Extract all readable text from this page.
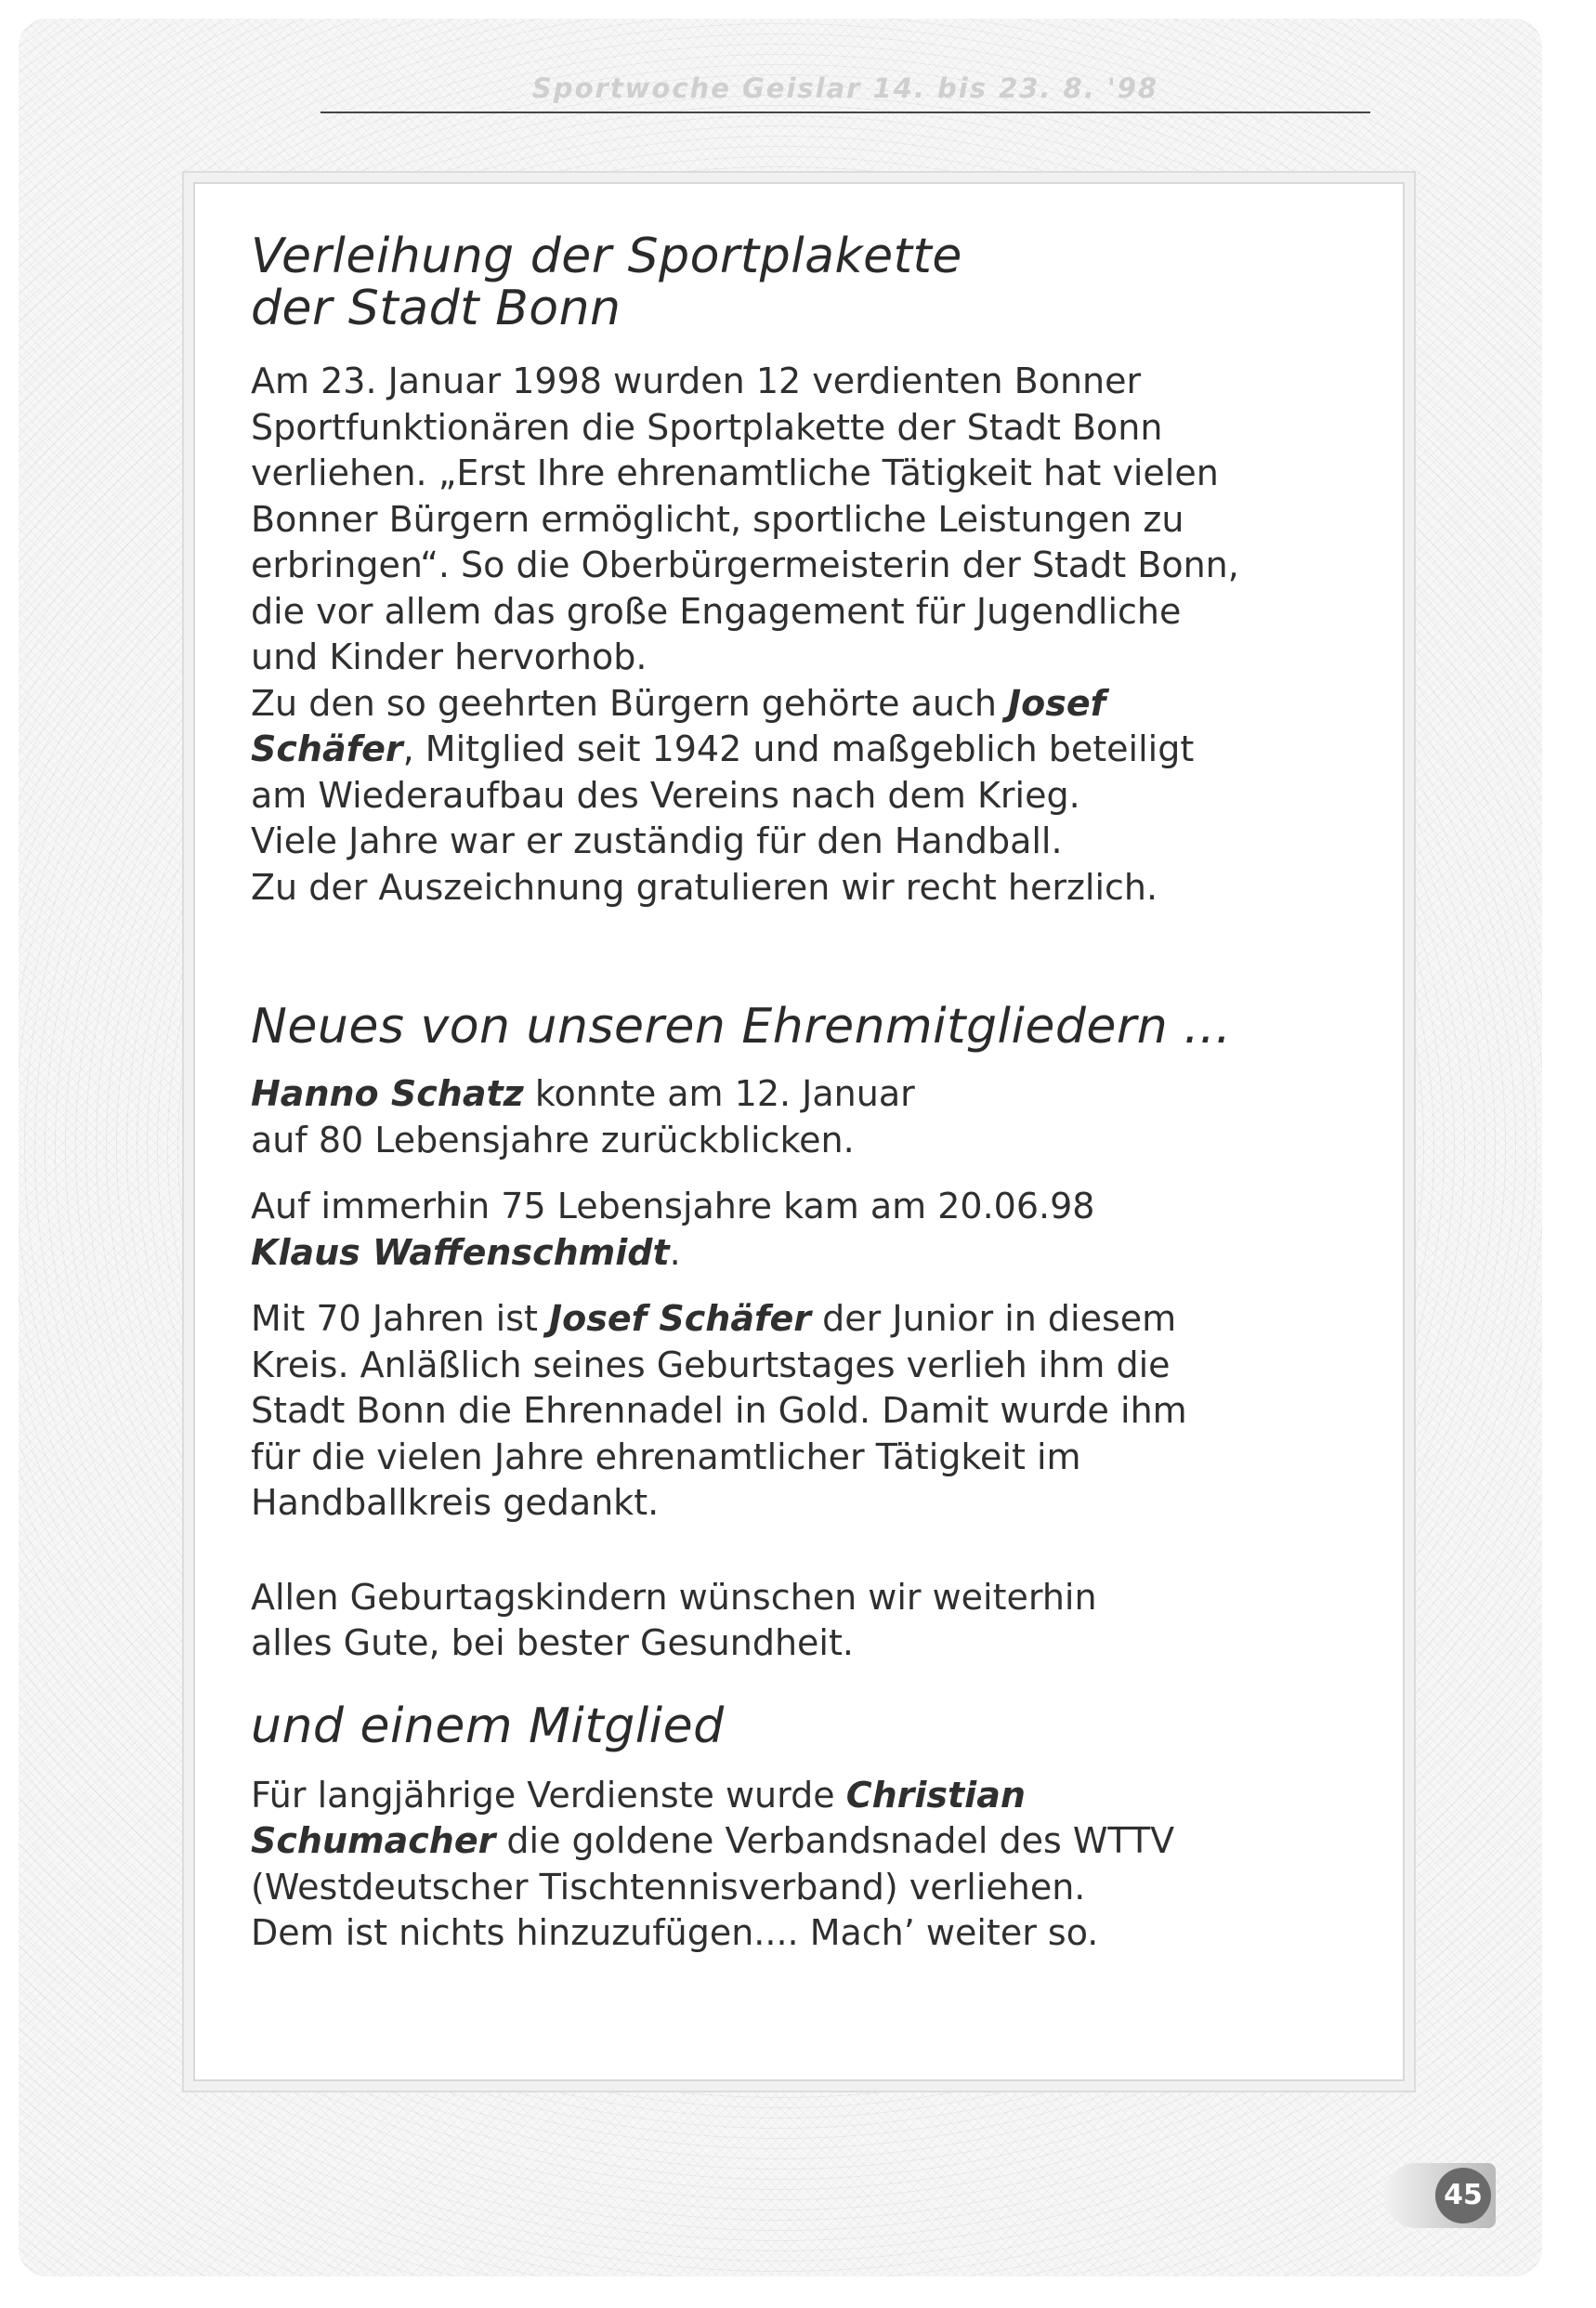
Sportwoche Geislar 14. bis 23. 8. '98
Verleihung der Sportplakette
der Stadt Bonn

Am 23. Januar 1998 wurden 12 verdienten Bonner
Sportfunktionären die Sportplakette der Stadt Bonn
verliehen. „Erst Ihre ehrenamtliche Tätigkeit hat vielen
Bonner Bürgern ermöglicht, sportliche Leistungen zu
erbringen“. So die Oberbürgermeisterin der Stadt Bonn,
die vor allem das große Engagement für Jugendliche
und Kinder hervorhob.

Zu den so geehrten Bürgern gehörte auch Josef
Schäfer, Mitglied seit 1942 und maßgeblich beteiligt
am Wiederaufbau des Vereins nach dem Krieg.
Viele Jahre war er zuständig für den Handball.
Zu der Auszeichnung gratulieren wir recht herzlich.

Neues von unseren Ehrenmitgliedern ...

Hanno Schatz konnte am 12. Januar
auf 80 Lebensjahre zurückblicken.

Auf immerhin 75 Lebensjahre kam am 20.06.98
Klaus Waffenschmidt.

Mit 70 Jahren ist Josef Schäfer der Junior in diesem
Kreis. Anläßlich seines Geburtstages verlieh ihm die
Stadt Bonn die Ehrennadel in Gold. Damit wurde ihm
für die vielen Jahre ehrenamtlicher Tätigkeit im
Handballkreis gedankt.

Allen Geburtagskindern wünschen wir weiterhin
alles Gute, bei bester Gesundheit.

und einem Mitglied

Für langjährige Verdienste wurde Christian
Schumacher die goldene Verbandsnadel des WTTV
(Westdeutscher Tischtennisverband) verliehen.
Dem ist nichts hinzuzufügen.... Mach’ weiter so.

45
